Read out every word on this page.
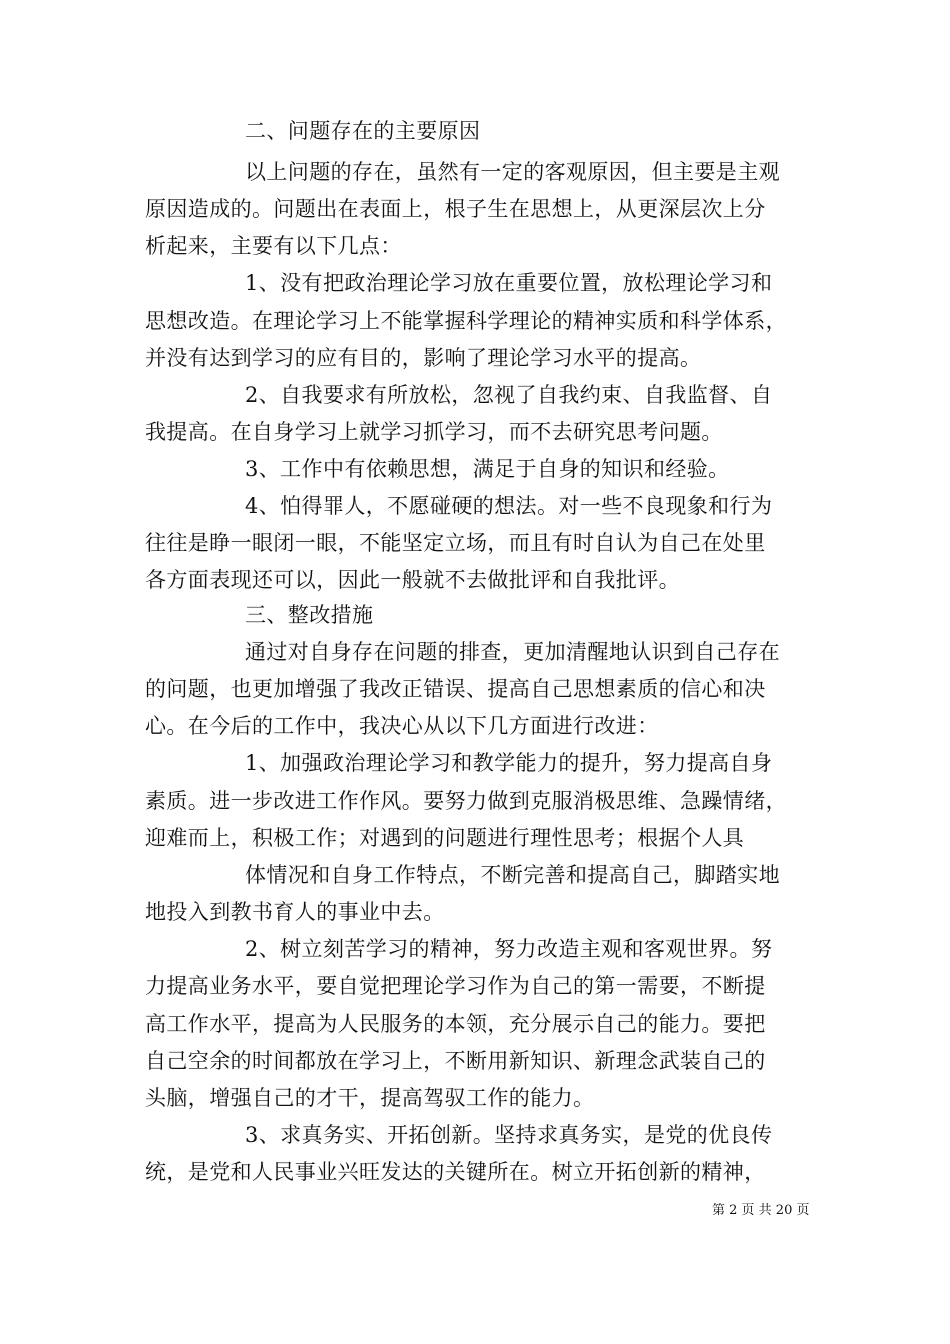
二、问题存在的主要原因
以上问题的存在，虽然有一定的客观原因，但主要是主观
原因造成的。问题出在表面上，根子生在思想上，从更深层次上分
析起来，主要有以下几点：
1、没有把政治理论学习放在重要位置，放松理论学习和
思想改造。在理论学习上不能掌握科学理论的精神实质和科学体系，
并没有达到学习的应有目的，影响了理论学习水平的提高。
2、自我要求有所放松，忽视了自我约束、自我监督、自
我提高。在自身学习上就学习抓学习，而不去研究思考问题。
3、工作中有依赖思想，满足于自身的知识和经验。
4、怕得罪人，不愿碰硬的想法。对一些不良现象和行为
往往是睁一眼闭一眼，不能坚定立场，而且有时自认为自己在处里
各方面表现还可以，因此一般就不去做批评和自我批评。
三、整改措施
通过对自身存在问题的排查，更加清醒地认识到自己存在
的问题，也更加增强了我改正错误、提高自己思想素质的信心和决
心。在今后的工作中，我决心从以下几方面进行改进：
1、加强政治理论学习和教学能力的提升，努力提高自身
素质。进一步改进工作作风。要努力做到克服消极思维、急躁情绪，
迎难而上，积极工作；对遇到的问题进行理性思考；根据个人具
体情况和自身工作特点，不断完善和提高自己，脚踏实地
地投入到教书育人的事业中去。
2、树立刻苦学习的精神，努力改造主观和客观世界。努
力提高业务水平，要自觉把理论学习作为自己的第一需要，不断提
高工作水平，提高为人民服务的本领，充分展示自己的能力。要把
自己空余的时间都放在学习上，不断用新知识、新理念武装自己的
头脑，增强自己的才干，提高驾驭工作的能力。
3、求真务实、开拓创新。坚持求真务实，是党的优良传
统，是党和人民事业兴旺发达的关键所在。树立开拓创新的精神，
第 2 页 共 20 页
